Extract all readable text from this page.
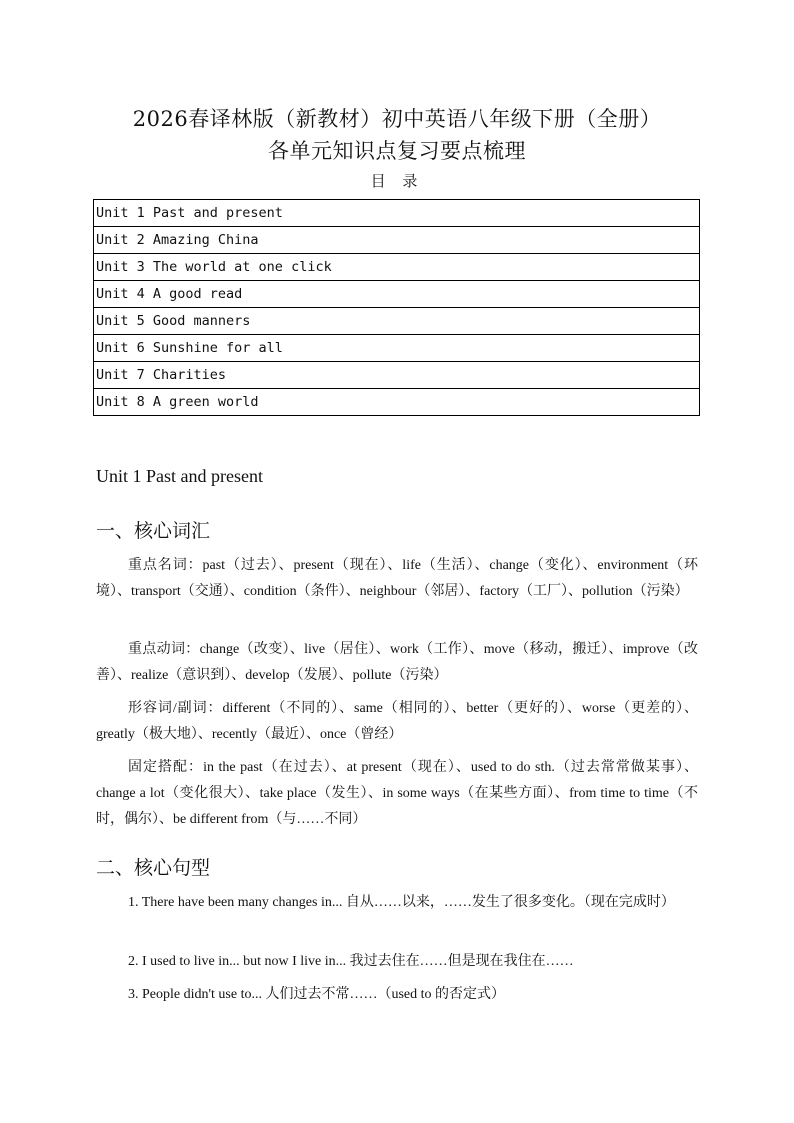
2026春译林版（新教材）初中英语八年级下册（全册）
各单元知识点复习要点梳理
目 录
Unit 1 Past and present
Unit 2 Amazing China
Unit 3 The world at one click
Unit 4 A good read
Unit 5 Good manners
Unit 6 Sunshine for all
Unit 7 Charities
Unit 8 A green world
Unit 1 Past and present
一、核心词汇
重点名词：past（过去）、present（现在）、life（生活）、change（变化）、environment（环境）、transport（交通）、condition（条件）、neighbour（邻居）、factory（工厂）、pollution（污染）
重点动词：change（改变）、live（居住）、work（工作）、move（移动，搬迁）、improve（改善）、realize（意识到）、develop（发展）、pollute（污染）
形容词/副词：different（不同的）、same（相同的）、better（更好的）、worse（更差的）、greatly（极大地）、recently（最近）、once（曾经）
固定搭配：in the past（在过去）、at present（现在）、used to do sth.（过去常常做某事）、change a lot（变化很大）、take place（发生）、in some ways（在某些方面）、from time to time（不时，偶尔）、be different from（与……不同）
二、核心句型
1. There have been many changes in... 自从……以来，……发生了很多变化。（现在完成时）
2. I used to live in... but now I live in... 我过去住在……但是现在我住在……
3. People didn't use to... 人们过去不常……（used to 的否定式）
